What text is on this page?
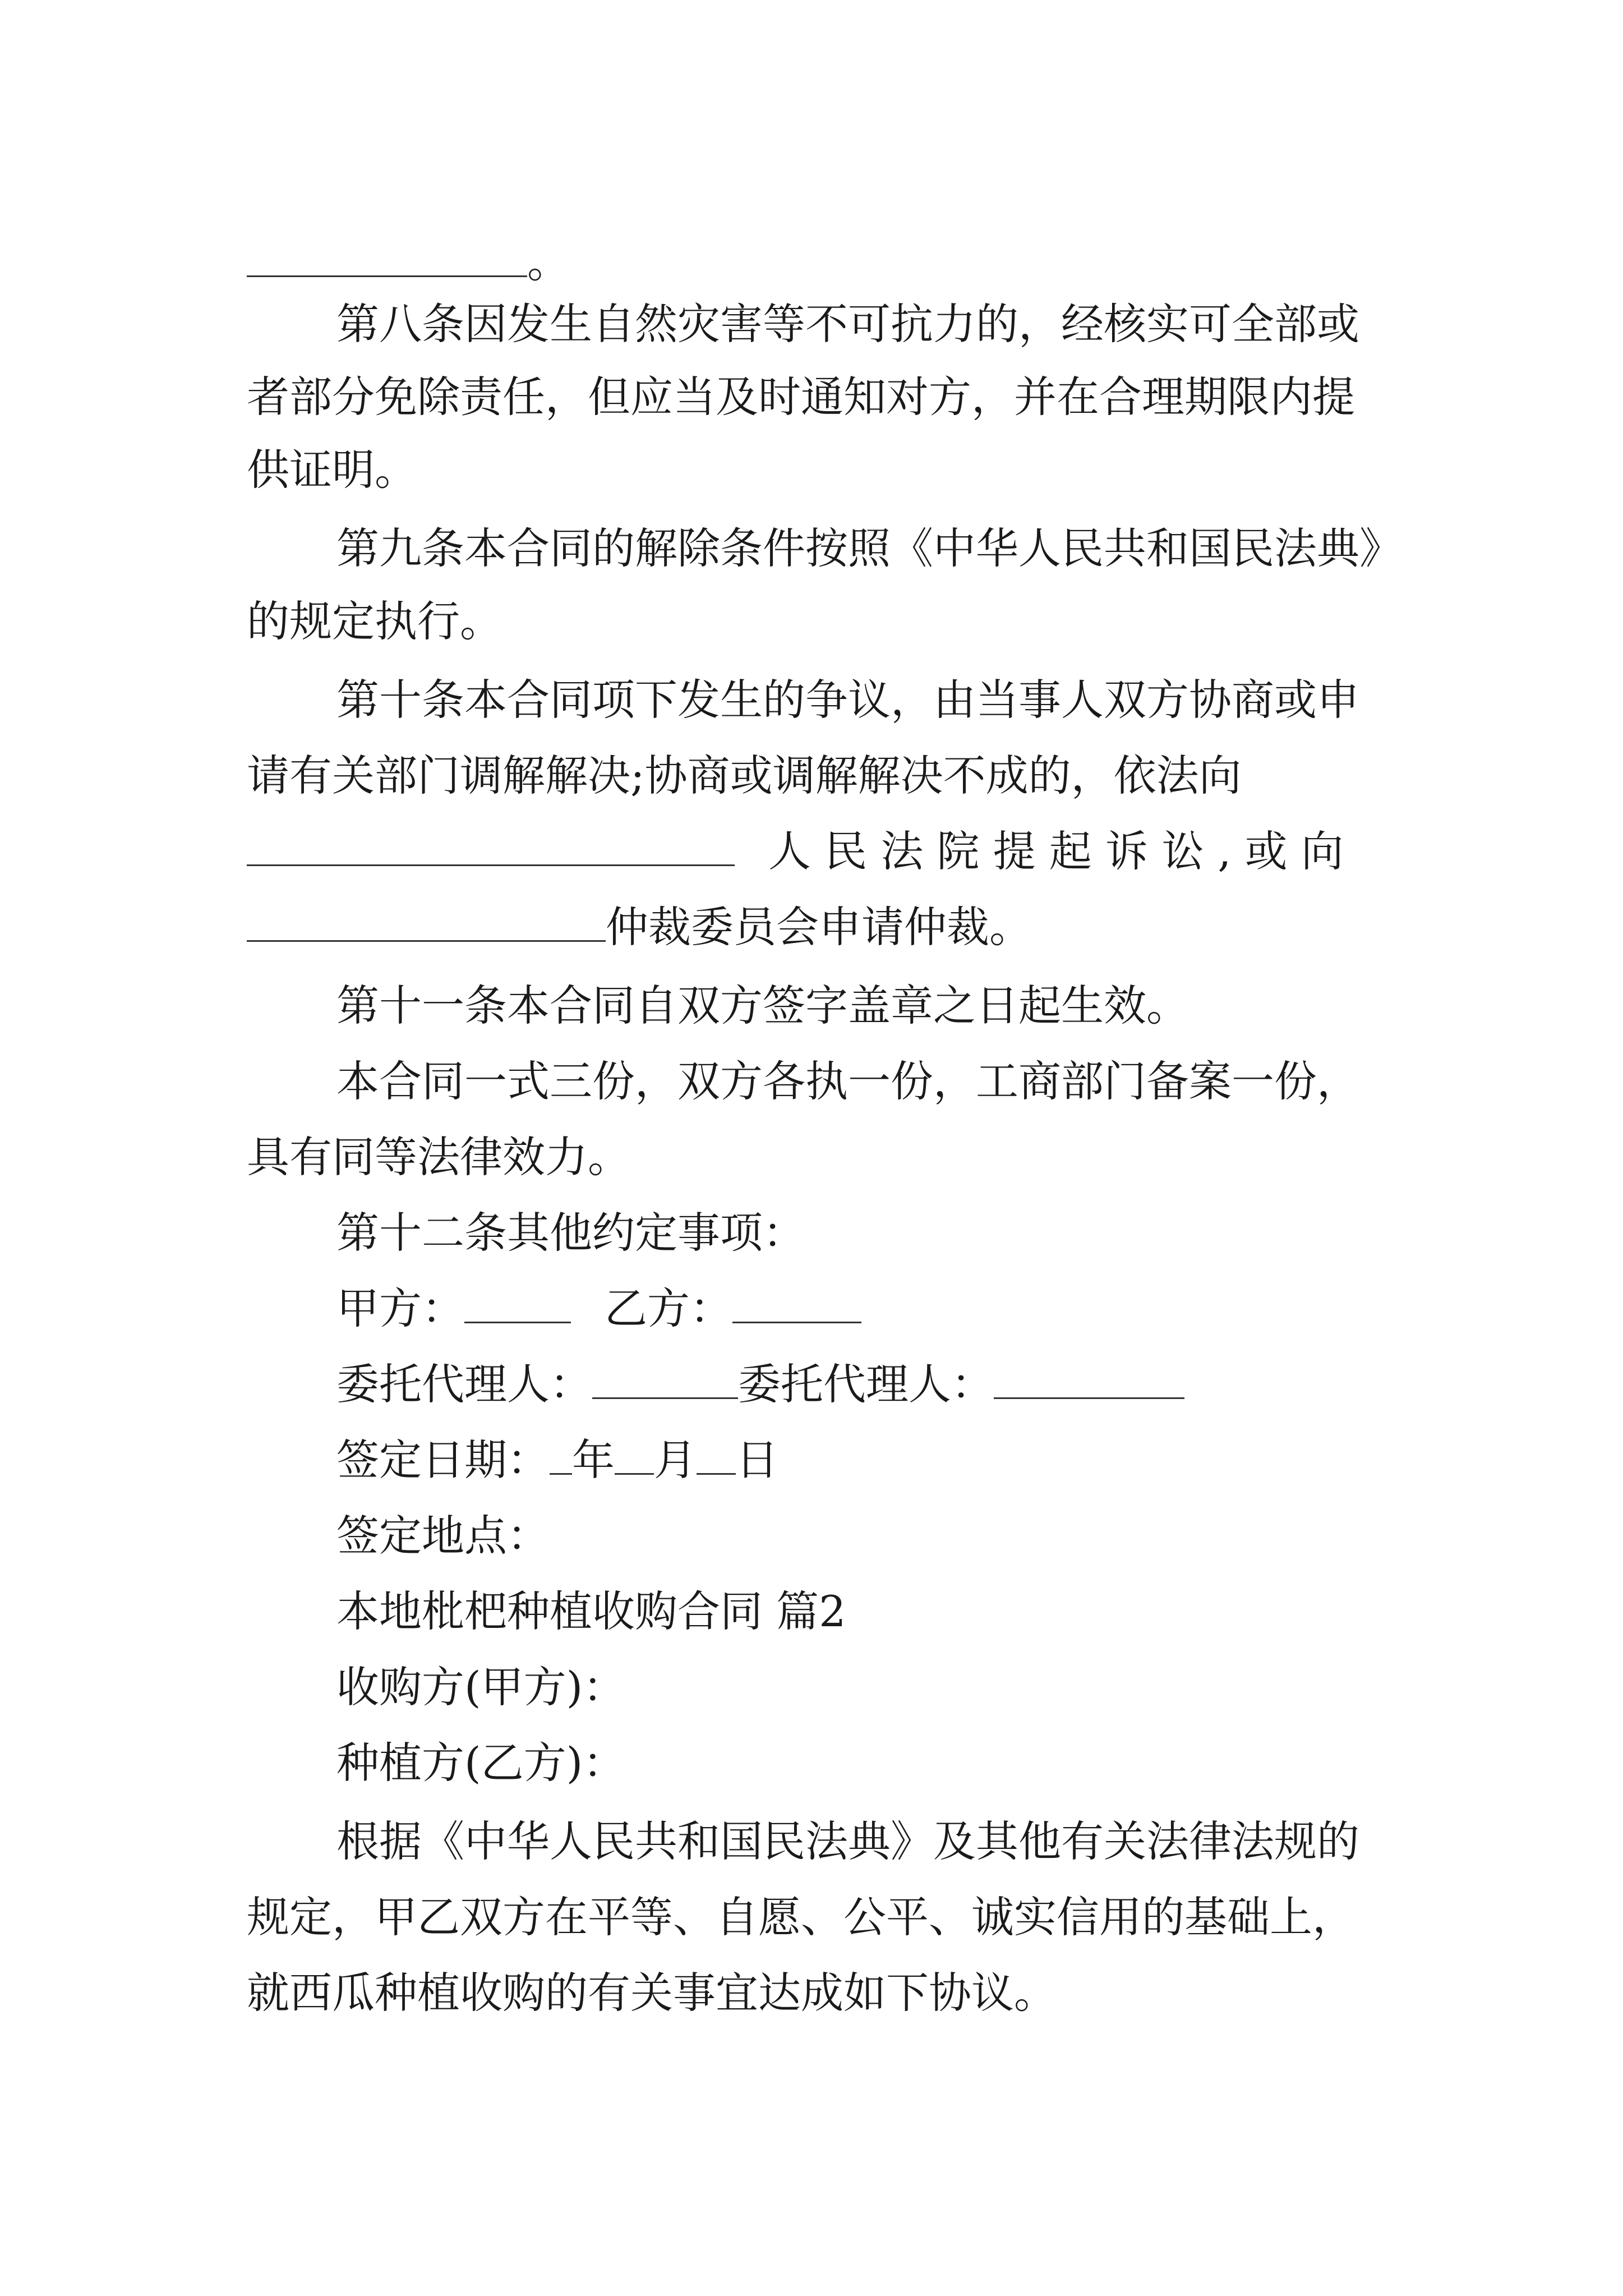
。
第八条因发生自然灾害等不可抗力的，经核实可全部或
者部分免除责任，但应当及时通知对方，并在合理期限内提
供证明。
第九条本合同的解除条件按照《中华人民共和国民法典》
的规定执行。
第十条本合同项下发生的争议，由当事人双方协商或申
请有关部门调解解决;协商或调解解决不成的，依法向
人 民 法 院 提 起 诉 讼 , 或 向
仲裁委员会申请仲裁。
第十一条本合同自双方签字盖章之日起生效。
本合同一式三份，双方各执一份，工商部门备案一份，
具有同等法律效力。
第十二条其他约定事项：
甲方：	乙方：
委托代理人：	委托代理人：
签定日期： 年 月 日
签定地点：
本地枇杷种植收购合同 篇2
收购方(甲方)：
种植方(乙方)：
根据《中华人民共和国民法典》及其他有关法律法规的
规定，甲乙双方在平等、自愿、公平、诚实信用的基础上，
就西瓜种植收购的有关事宜达成如下协议。
